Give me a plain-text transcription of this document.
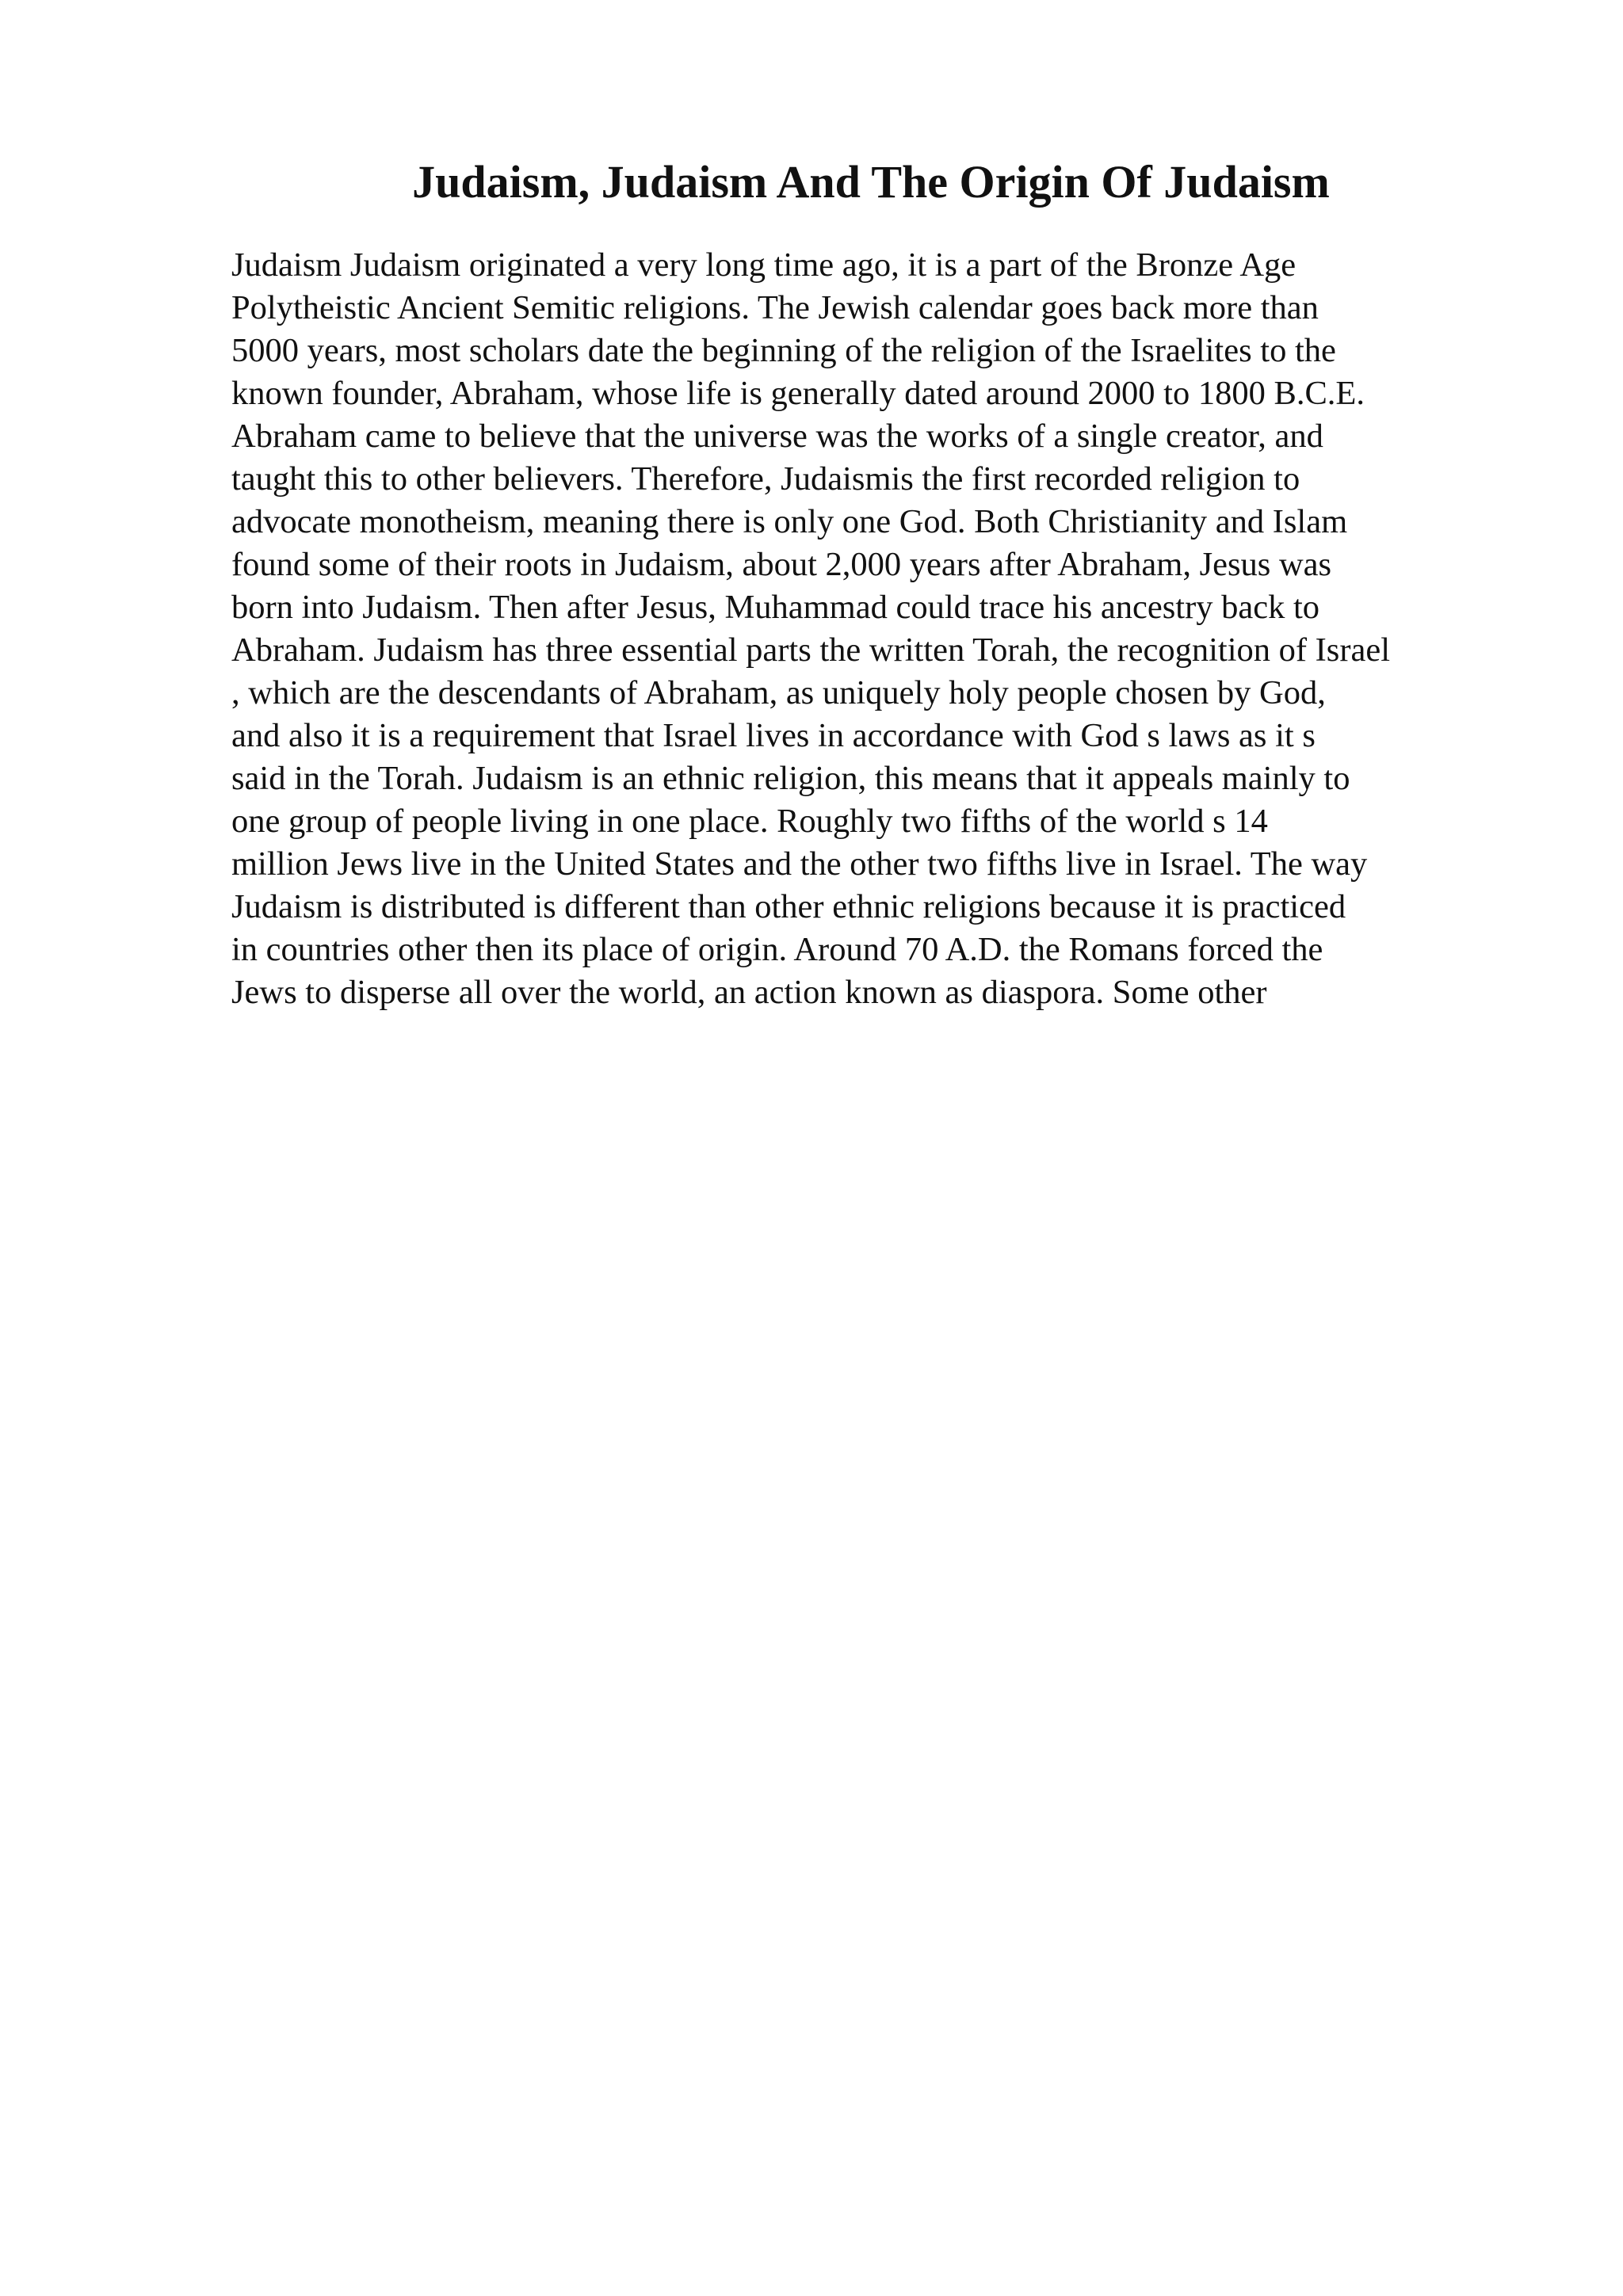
Judaism, Judaism And The Origin Of Judaism
Judaism Judaism originated a very long time ago, it is a part of the Bronze Age
Polytheistic Ancient Semitic religions. The Jewish calendar goes back more than
5000 years, most scholars date the beginning of the religion of the Israelites to the
known founder, Abraham, whose life is generally dated around 2000 to 1800 B.C.E.
Abraham came to believe that the universe was the works of a single creator, and
taught this to other believers. Therefore, Judaismis the first recorded religion to
advocate monotheism, meaning there is only one God. Both Christianity and Islam
found some of their roots in Judaism, about 2,000 years after Abraham, Jesus was
born into Judaism. Then after Jesus, Muhammad could trace his ancestry back to
Abraham. Judaism has three essential parts the written Torah, the recognition of Israel
, which are the descendants of Abraham, as uniquely holy people chosen by God,
and also it is a requirement that Israel lives in accordance with God s laws as it s
said in the Torah. Judaism is an ethnic religion, this means that it appeals mainly to
one group of people living in one place. Roughly two fifths of the world s 14
million Jews live in the United States and the other two fifths live in Israel. The way
Judaism is distributed is different than other ethnic religions because it is practiced
in countries other then its place of origin. Around 70 A.D. the Romans forced the
Jews to disperse all over the world, an action known as diaspora. Some other
